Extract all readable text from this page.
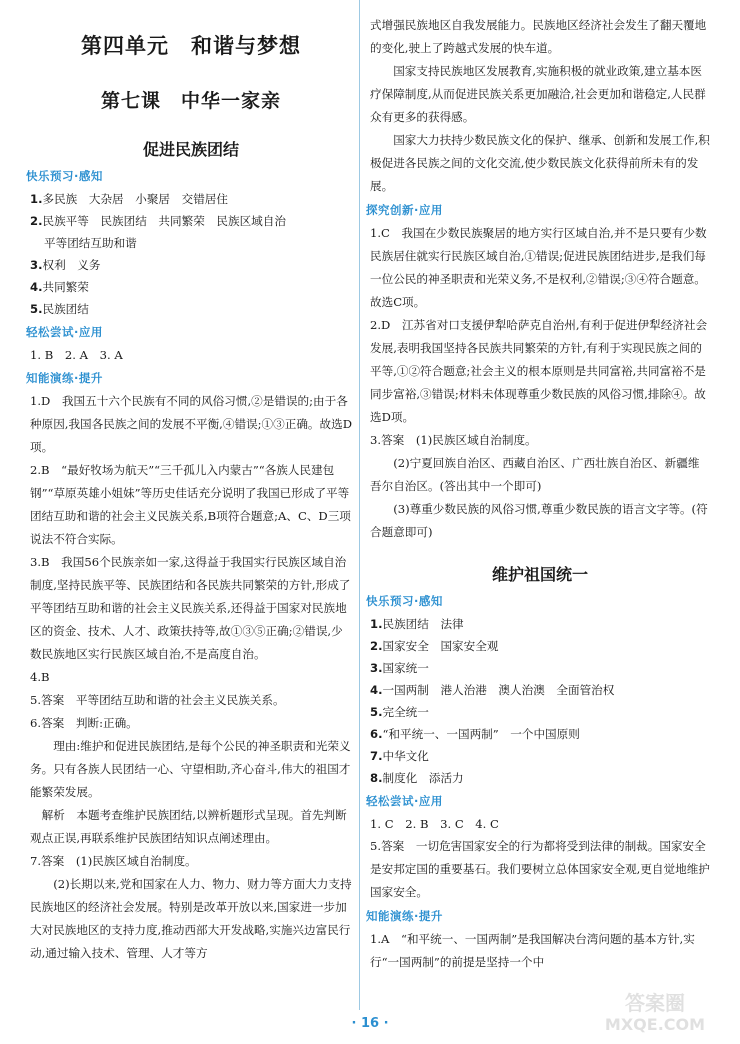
第四单元　和谐与梦想
第七课　中华一家亲
促进民族团结
快乐预习·感知

1.多民族　大杂居　小聚居　交错居住

2.民族平等　民族团结　共同繁荣　民族区域自治

平等团结互助和谐

3.权利　义务

4.共同繁荣

5.民族团结

轻松尝试·应用

1. B　2. A　3. A

知能演练·提升

1.D　我国五十六个民族有不同的风俗习惯,②是错误的;由于各种原因,我国各民族之间的发展不平衡,④错误;①③正确。故选D项。

2.B　“最好牧场为航天”“三千孤儿入内蒙古”“各族人民建包钢”“草原英雄小姐妹”等历史佳话充分说明了我国已形成了平等团结互助和谐的社会主义民族关系,B项符合题意;A、C、D三项说法不符合实际。

3.B　我国56个民族亲如一家,这得益于我国实行民族区域自治制度,坚持民族平等、民族团结和各民族共同繁荣的方针,形成了平等团结互助和谐的社会主义民族关系,还得益于国家对民族地区的资金、技术、人才、政策扶持等,故①③⑤正确;②错误,少数民族地区实行民族区域自治,不是高度自治。

4.B

5.答案　 平等团结互助和谐的社会主义民族关系。

6.答案　 判断:正确。

理由:维护和促进民族团结,是每个公民的神圣职责和光荣义务。只有各族人民团结一心、守望相助,齐心奋斗,伟大的祖国才能繁荣发展。

解析　 本题考查维护民族团结,以辨析题形式呈现。首先判断观点正误,再联系维护民族团结知识点阐述理由。

7.答案　 (1)民族区域自治制度。

(2)长期以来,党和国家在人力、物力、财力等方面大力支持民族地区的经济社会发展。特别是改革开放以来,国家进一步加大对民族地区的支持力度,推动西部大开发战略,实施兴边富民行动,通过输入技术、管理、人才等方

式增强民族地区自我发展能力。民族地区经济社会发生了翻天覆地的变化,驶上了跨越式发展的快车道。

国家支持民族地区发展教育,实施积极的就业政策,建立基本医疗保障制度,从而促进民族关系更加融洽,社会更加和谐稳定,人民群众有更多的获得感。

国家大力扶持少数民族文化的保护、继承、创新和发展工作,积极促进各民族之间的文化交流,使少数民族文化获得前所未有的发展。

探究创新·应用

1.C　我国在少数民族聚居的地方实行区域自治,并不是只要有少数民族居住就实行民族区域自治,①错误;促进民族团结进步,是我们每一位公民的神圣职责和光荣义务,不是权利,②错误;③④符合题意。故选C项。

2.D　江苏省对口支援伊犁哈萨克自治州,有利于促进伊犁经济社会发展,表明我国坚持各民族共同繁荣的方针,有利于实现民族之间的平等,①②符合题意;社会主义的根本原则是共同富裕,共同富裕不是同步富裕,③错误;材料未体现尊重少数民族的风俗习惯,排除④。故选D项。

3.答案　 (1)民族区域自治制度。

(2)宁夏回族自治区、西藏自治区、广西壮族自治区、新疆维吾尔自治区。(答出其中一个即可)

(3)尊重少数民族的风俗习惯,尊重少数民族的语言文字等。(符合题意即可)

维护祖国统一
快乐预习·感知

1.民族团结　法律

2.国家安全　国家安全观

3.国家统一

4.一国两制　港人治港　澳人治澳　全面管治权

5.完全统一

6.“和平统一、一国两制”　一个中国原则

7.中华文化

8.制度化　添活力

轻松尝试·应用

1. C　2. B　3. C　4. C

5.答案　 一切危害国家安全的行为都将受到法律的制裁。国家安全是安邦定国的重要基石。我们要树立总体国家安全观,更自觉地维护国家安全。

知能演练·提升

1.A　“和平统一、一国两制”是我国解决台湾问题的基本方针,实行“一国两制”的前提是坚持一个中

· 16 ·
答案圈
MXQE.COM
